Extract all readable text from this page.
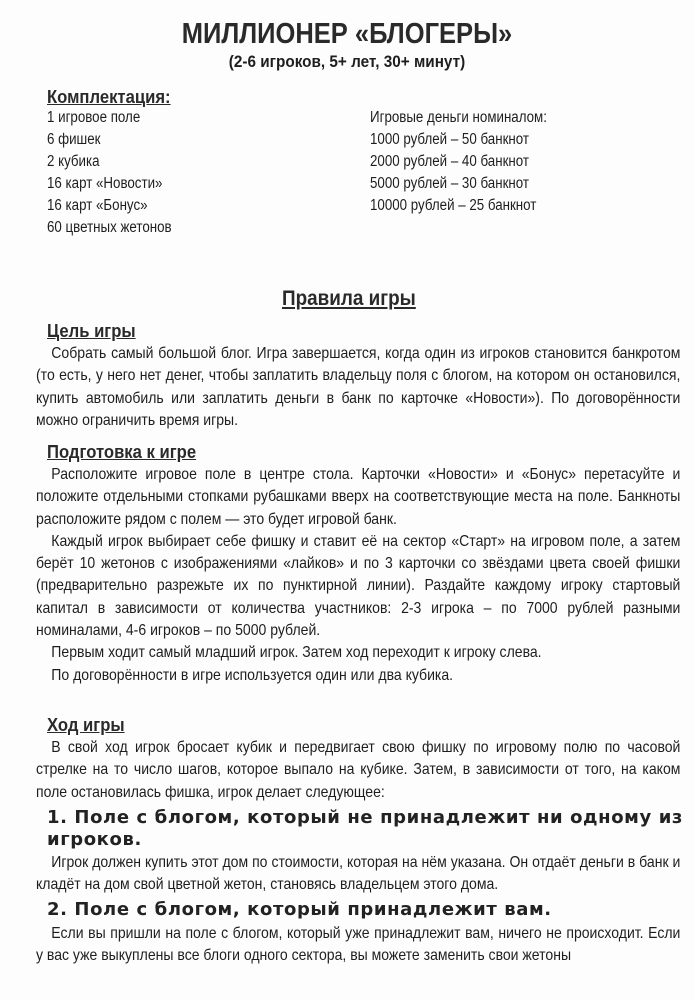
МИЛЛИОНЕР «БЛОГЕРЫ»
(2-6 игроков, 5+ лет, 30+ минут)
Комплектация:
1 игровое поле
6 фишек
2 кубика
16 карт «Новости»
16 карт «Бонус»
60 цветных жетонов
Игровые деньги номиналом:
1000 рублей – 50 банкнот
2000 рублей – 40 банкнот
5000 рублей – 30 банкнот
10000 рублей – 25 банкнот
Правила игры
Цель игры

Собрать самый большой блог. Игра завершается, когда один из игроков становится банкротом (то есть, у него нет денег, чтобы заплатить владельцу поля с блогом, на котором он остановился, купить автомобиль или заплатить деньги в банк по карточке «Новости»). По договорённости можно ограничить время игры.

Подготовка к игре

Расположите игровое поле в центре стола. Карточки «Новости» и «Бонус» перетасуйте и положите отдельными стопками рубашками вверх на соответствующие места на поле. Банкноты расположите рядом с полем — это будет игровой банк.

Каждый игрок выбирает себе фишку и ставит её на сектор «Старт» на игровом поле, а затем берёт 10 жетонов с изображениями «лайков» и по 3 карточки со звёздами цвета своей фишки (предварительно разрежьте их по пунктирной линии). Раздайте каждому игроку стартовый капитал в зависимости от количества участников: 2-3 игрока – по 7000 рублей разными номиналами, 4-6 игроков – по 5000 рублей.

Первым ходит самый младший игрок. Затем ход переходит к игроку слева.

По договорённости в игре используется один или два кубика.

Ход игры

В свой ход игрок бросает кубик и передвигает свою фишку по игровому полю по часовой стрелке на то число шагов, которое выпало на кубике. Затем, в зависимости от того, на каком поле остановилась фишка, игрок делает следующее:

1. Поле с блогом, который не принадлежит ни одному из игроков.

Игрок должен купить этот дом по стоимости, которая на нём указана. Он отдаёт деньги в банк и кладёт на дом свой цветной жетон, становясь владельцем этого дома.

2. Поле с блогом, который принадлежит вам.

Если вы пришли на поле с блогом, который уже принадлежит вам, ничего не происходит. Если у вас уже выкуплены все блоги одного сектора, вы можете заменить свои жетоны
